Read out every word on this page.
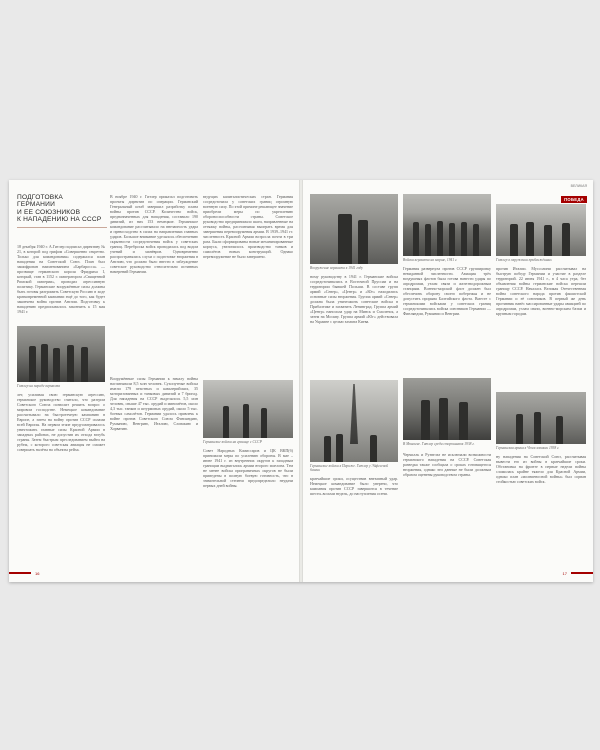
ПОДГОТОВКА
ГЕРМАНИИ
И ЕЕ СОЮЗНИКОВ
К НАПАДЕНИЮ НА СССР
18 декабря 1940 г. А.Гитлер подписал директиву № 21, в которой под грифом «Совершенно секретно. Только для командования» содержался план нападения на Советский Союз. План был зашифрован наименованием «Барбаросса» — прозвище германского короля Фридриха I, который, став в 1152 г. императором «Священной Римской империи», проводил агрессивную политику. Германские вооружённые силы должны быть готовы разгромить Советскую Россию в ходе кратковременной кампании ещё до того, как будет закончена война против Англии. Подготовку к нападению предписывалось закончить к 15 мая 1941 г.
Гитлер на параде вермахта
лет, усиливая свою германскую агрессию, германское руководство считало, что разгром Советского Союза позволит решить вопрос о мировом господстве. Немецкое командование рассчитывало на быстротечную кампанию в Европе, а затем на войну против СССР силами всей Европы. На первом этапе предусматривалось уничтожить главные силы Красной Армии в западных районах, не допустив их отхода вглубь страны. Затем быстрым преследованием выйти на рубеж, с которого советская авиация не сможет совершать налёты на объекты рейха.
В ноябре 1940 г. Гитлер приказал подготовить проекты директив по операции. Германский Генеральный штаб завершил разработку плана войны против СССР. Количество войск, предназначенных для нападения, составило 190 дивизий, из них 153 немецкие. Германское командование рассчитывало на внезапность удара и превосходство в силах на направлениях главных ударов. Большое внимание уделялось обеспечению скрытности сосредоточения войск у советских границ. Переброска войск проводилась под видом учений и манёвров. Одновременно распространялись слухи о подготовке вторжения в Англию, что должно было ввести в заблуждение советское руководство относительно истинных намерений Германии.
Вооружённые силы Германии к началу войны насчитывали 8,5 млн человек. Сухопутные войска имели 179 пехотных и кавалерийских, 35 моторизованных и танковых дивизий и 7 бригад. Для нападения на СССР выделялось 5,5 млн человек, свыше 47 тыс. орудий и миномётов, около 4,3 тыс. танков и штурмовых орудий, около 5 тыс. боевых самолётов. Германии удалось привлечь к войне против Советского Союза Финляндию, Румынию, Венгрию, Италию, Словакию и Хорватию.
ведущих капиталистических стран. Германия сосредоточила у советских границ огромную военную силу. По этой причине решающее значение приобрели меры по укреплению обороноспособности страны. Советское руководство предпринимало шаги, направленные на оттяжку войны, рассчитывая выиграть время для завершения перевооружения армии. В 1939–1941 гг. численность Красной Армии возросла почти в три раза. Были сформированы новые механизированные корпуса, увеличилось производство танков и самолётов новых конструкций. Однако перевооружение не было завершено.
Германские войска на границе с СССР
Совет Народных Комиссаров и ЦК ВКП(б) принимали меры по усилению обороны. В мае – июне 1941 г. из внутренних округов к западным границам выдвигались армии второго эшелона. Тем не менее войска приграничных округов не были приведены в полную боевую готовность, что в значительной степени предопределило неудачи первых дней войны.
16
ВЕЛИКАЯ
ПОБЕДА
Вооружение вермахта в 1941 году
ному руководству в 1941 г. Германские войска сосредоточивались в Восточной Пруссии и на территории бывшей Польши. В составе групп армий «Север», «Центр» и «Юг» находились основные силы вторжения. Группа армий «Север» должна была уничтожить советские войска в Прибалтике и захватить Ленинград. Группа армий «Центр» наносила удар на Минск и Смоленск, а затем на Москву. Группа армий «Юг» действовала на Украине с целью захвата Киева.
Германские войска в Париже. Гитлер у Эйфелевой башни
кратчайшие сроки, осуществив внезапный удар. Немецкое командование было уверено, что кампания против СССР завершится в течение шести–восьми недель, до наступления осени.
Войска вермахта на марше, 1941 г.
Германия развернула против СССР группировку невиданной численности. Авиация трёх воздушных флотов была готова нанести удары по аэродромам, узлам связи и железнодорожным станциям. Военно-морской флот должен был обеспечить оборону своего побережья и не допустить прорыва Балтийского флота. Вместе с германскими войсками у советских границ сосредоточивались войска союзников Германии — Финляндии, Румынии и Венгрии.
В Мюнхене. Гитлер среди сторонников 1938 г.
Черчилль и Рузвельт не исключали возможности германского нападения на СССР. Советская разведка также сообщала о сроках готовящегося вторжения, однако эти данные не были должным образом оценены руководством страны.
Гитлер в окружении приближённых
против Италии. Муссолини рассчитывал на быструю победу Германии и участие в разделе территорий. 22 июня 1941 г., в 4 часа утра, без объявления войны германские войска перешли границу СССР. Началась Великая Отечественная война советского народа против фашистской Германии и её союзников. В первый же день противник нанёс массированные удары авиацией по аэродромам, узлам связи, военно-морским базам и крупным городам.
Германская армия в Чехословакии 1938 г.
ну нападения на Советский Союз, рассчитывая вывести его из войны в кратчайшие сроки. Обстановка на фронте в первые недели войны сложилась крайне тяжело для Красной Армии, однако план «молниеносной войны» был сорван стойкостью советских войск.
17
